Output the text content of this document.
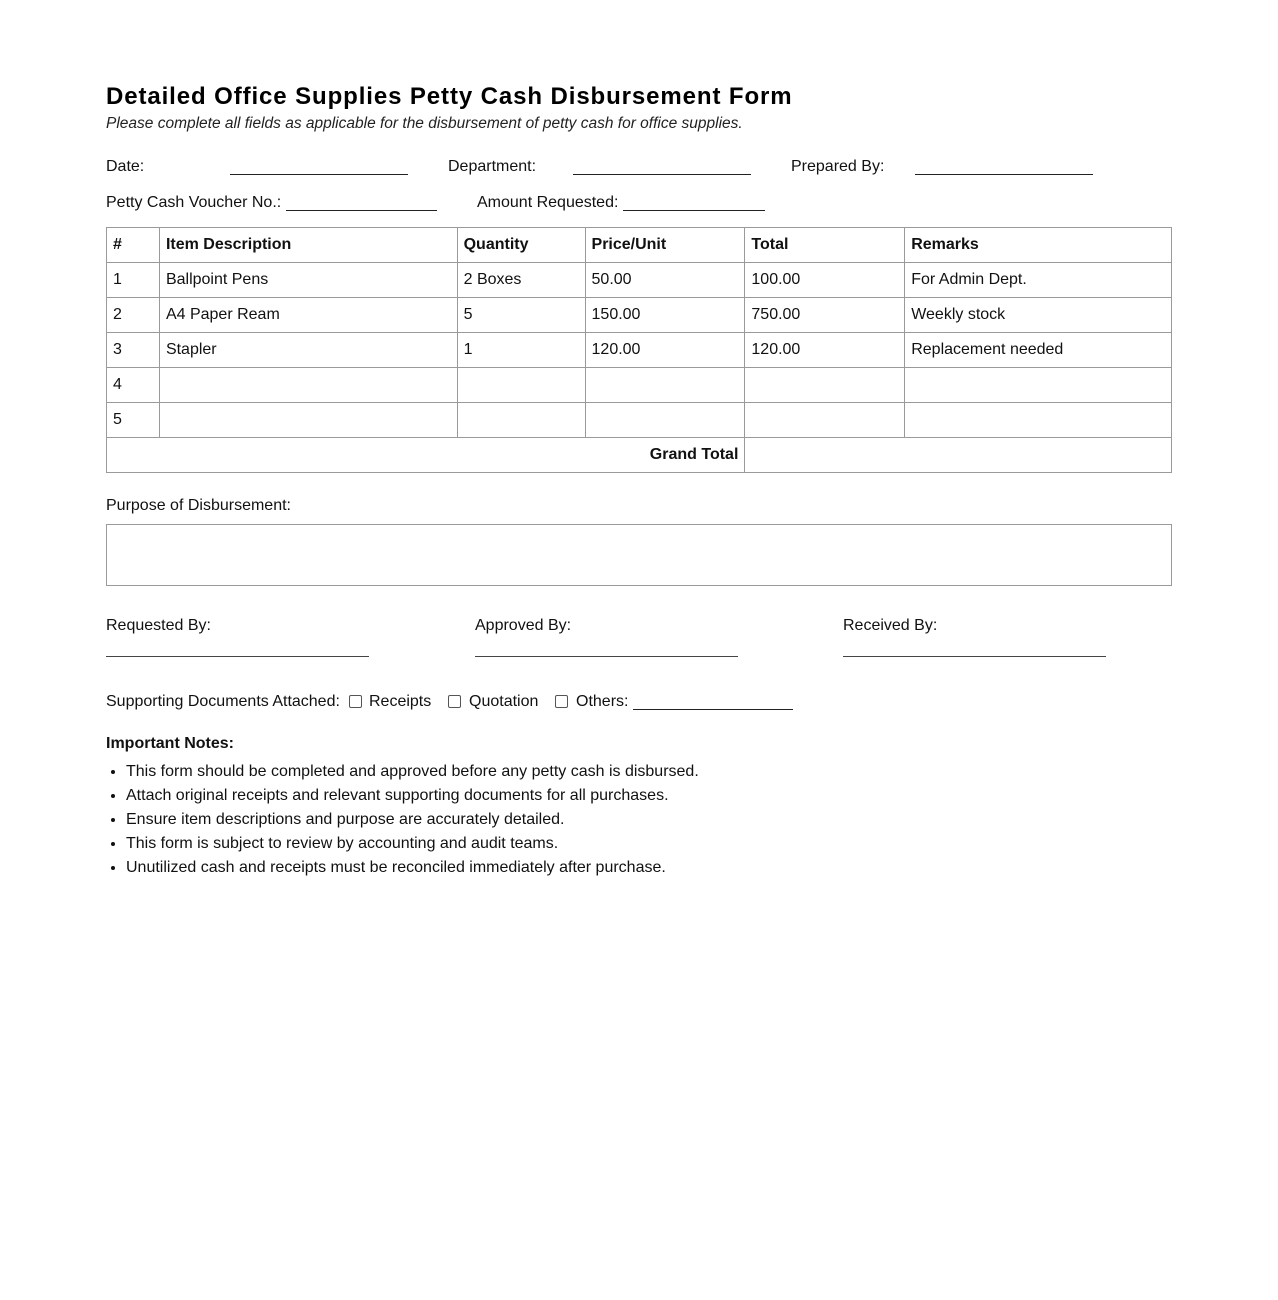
Detailed Office Supplies Petty Cash Disbursement Form
Please complete all fields as applicable for the disbursement of petty cash for office supplies.
Date:	Department:	Prepared By:
Petty Cash Voucher No.:	Amount Requested:
#	Item Description	Quantity	Price/Unit	Total	Remarks
1	Ballpoint Pens	2 Boxes	50.00	100.00	For Admin Dept.
2	A4 Paper Ream	5	150.00	750.00	Weekly stock
3	Stapler	1	120.00	120.00	Replacement needed
4					
5					
Grand Total					
Purpose of Disbursement:
Requested By:	Approved By:	Received By:
Supporting Documents Attached: Receipts Quotation Others:
Important Notes:
• This form should be completed and approved before any petty cash is disbursed.
• Attach original receipts and relevant supporting documents for all purchases.
• Ensure item descriptions and purpose are accurately detailed.
• This form is subject to review by accounting and audit teams.
• Unutilized cash and receipts must be reconciled immediately after purchase.
